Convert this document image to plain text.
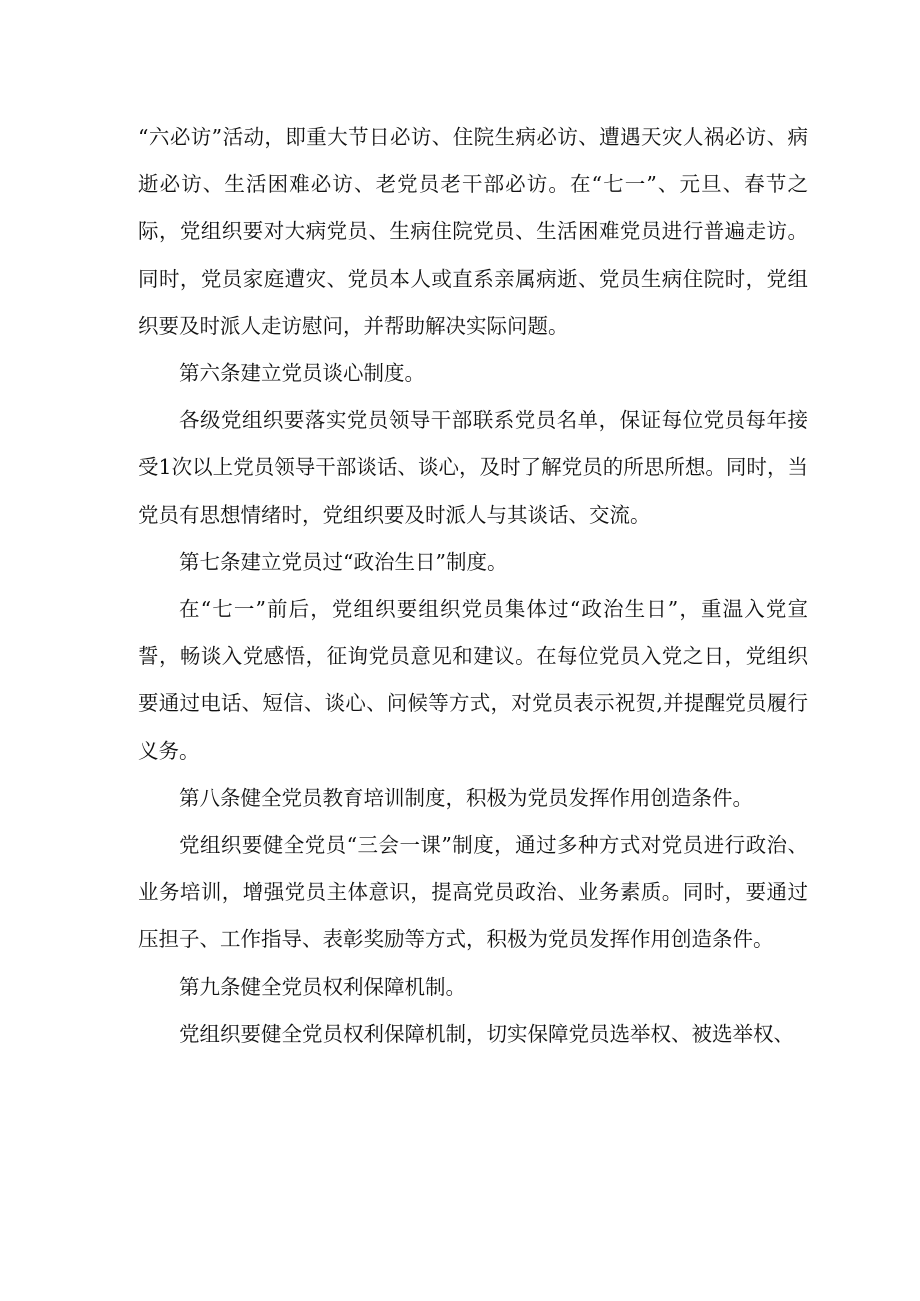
“六必访”活动，即重大节日必访、住院生病必访、遭遇天灾人祸必访、病逝必访、生活困难必访、老党员老干部必访。在“七一”、元旦、春节之际，党组织要对大病党员、生病住院党员、生活困难党员进行普遍走访。同时，党员家庭遭灾、党员本人或直系亲属病逝、党员生病住院时，党组织要及时派人走访慰问，并帮助解决实际问题。

第六条建立党员谈心制度。

各级党组织要落实党员领导干部联系党员名单，保证每位党员每年接受1次以上党员领导干部谈话、谈心，及时了解党员的所思所想。同时，当党员有思想情绪时，党组织要及时派人与其谈话、交流。

第七条建立党员过“政治生日”制度。

在“七一”前后，党组织要组织党员集体过“政治生日”，重温入党宣誓，畅谈入党感悟，征询党员意见和建议。在每位党员入党之日，党组织要通过电话、短信、谈心、问候等方式，对党员表示祝贺,并提醒党员履行义务。

第八条健全党员教育培训制度，积极为党员发挥作用创造条件。

党组织要健全党员“三会一课”制度，通过多种方式对党员进行政治、业务培训，增强党员主体意识，提高党员政治、业务素质。同时，要通过压担子、工作指导、表彰奖励等方式，积极为党员发挥作用创造条件。

第九条健全党员权利保障机制。

党组织要健全党员权利保障机制，切实保障党员选举权、被选举权、
